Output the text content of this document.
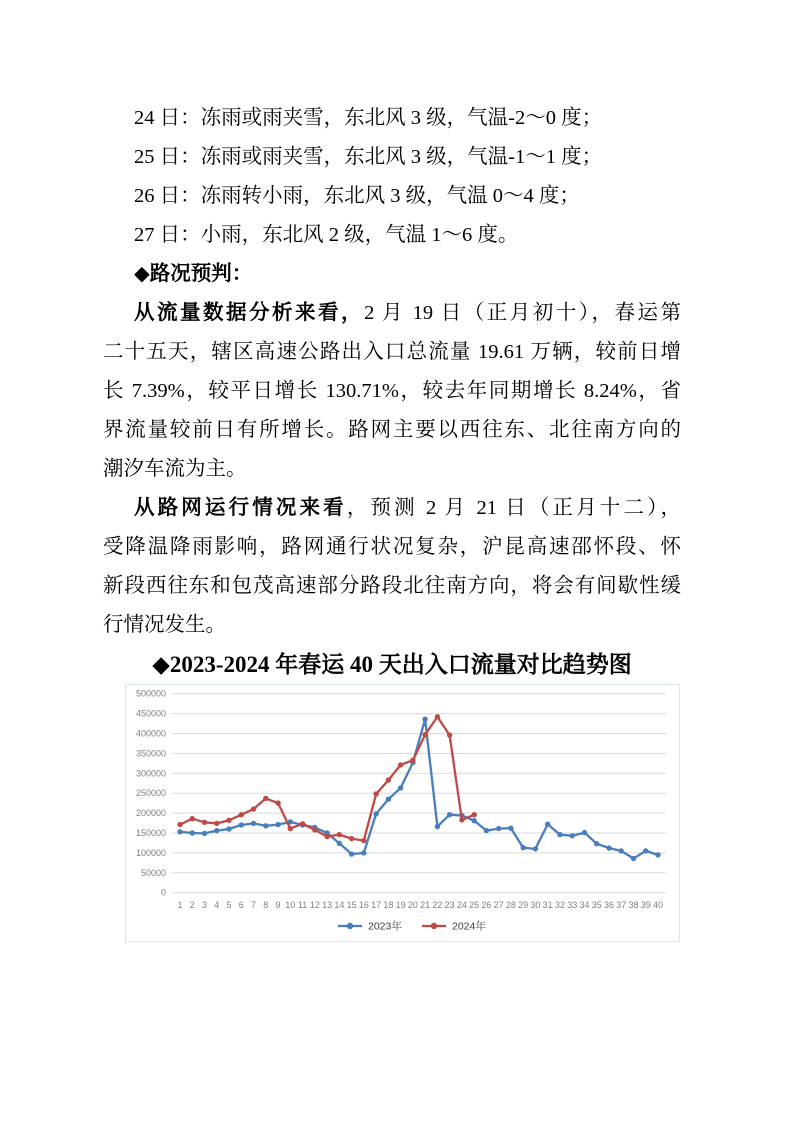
24 日：冻雨或雨夹雪，东北风 3 级，气温-2～0 度；
25 日：冻雨或雨夹雪，东北风 3 级，气温-1～1 度；
26 日：冻雨转小雨，东北风 3 级，气温 0～4 度；
27 日：小雨，东北风 2 级，气温 1～6 度。
◆路况预判：
从流量数据分析来看，2 月 19 日（正月初十），春运第
二十五天，辖区高速公路出入口总流量 19.61 万辆，较前日增
长 7.39%，较平日增长 130.71%，较去年同期增长 8.24%，省
界流量较前日有所增长。路网主要以西往东、北往南方向的
潮汐车流为主。
从路网运行情况来看，预测 2 月 21 日（正月十二），
受降温降雨影响，路网通行状况复杂，沪昆高速邵怀段、怀
新段西往东和包茂高速部分路段北往南方向，将会有间歇性缓
行情况发生。
◆2023-2024 年春运 40 天出入口流量对比趋势图
0
50000
100000
150000
200000
250000
300000
350000
400000
450000
500000
1 2 3 4 5 6 7 8 9 10 11 12 13 14 15 16 17 18 19 20 21 22 23 24 25 26 27 28 29 30 31 32 33 34 35 36 37 38 39 40
2023年	2024年
